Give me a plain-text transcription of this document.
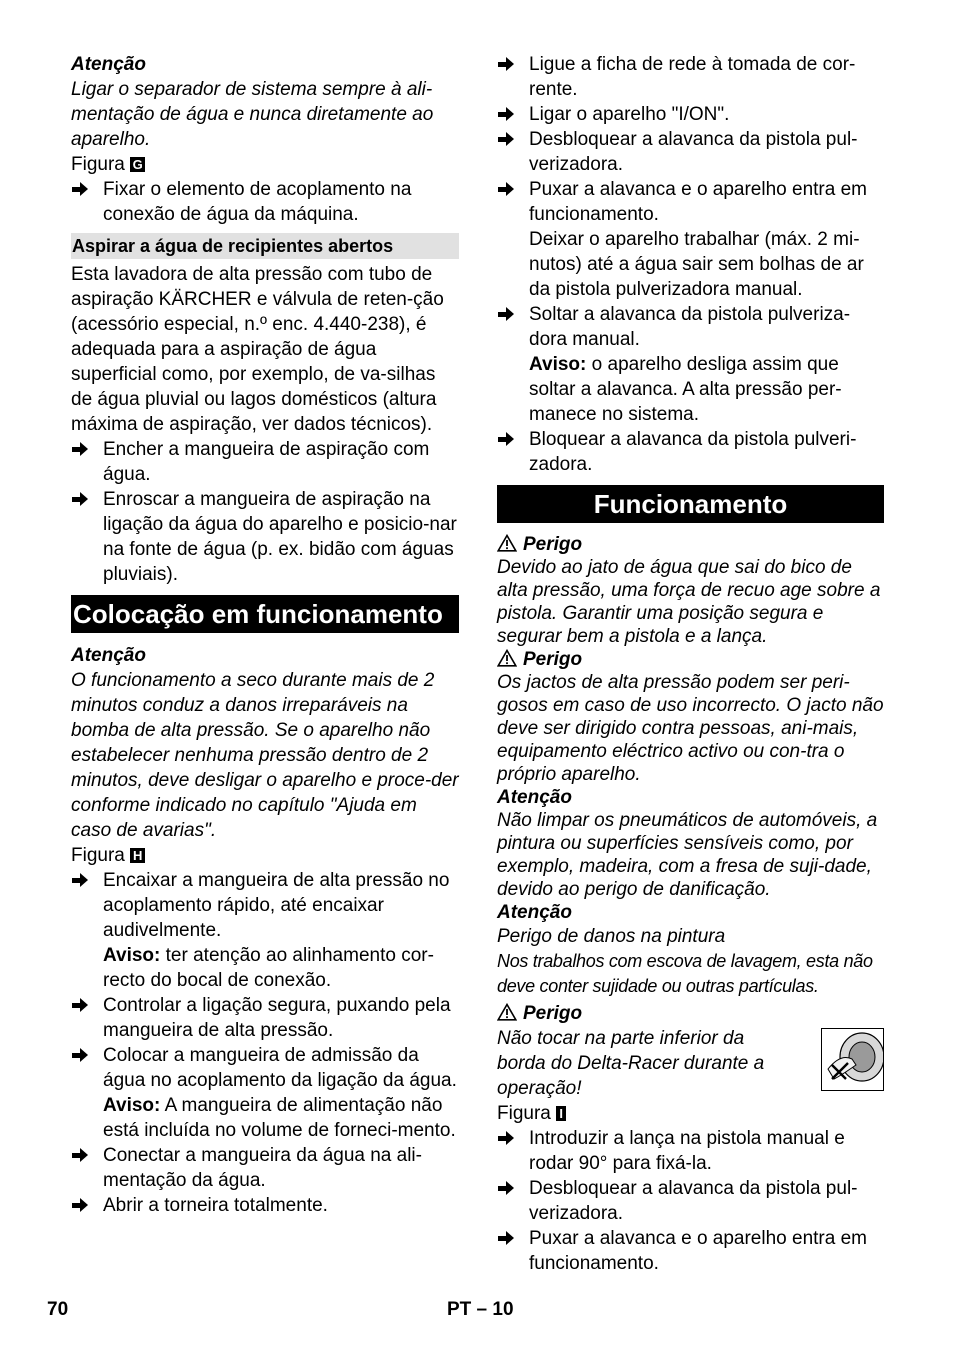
Atenção
Ligar o separador de sistema sempre à ali-mentação de água e nunca diretamente ao aparelho.
Figura G
Fixar o elemento de acoplamento na conexão de água da máquina.
Aspirar a água de recipientes abertos
Esta lavadora de alta pressão com tubo de aspiração KÄRCHER e válvula de reten-ção (acessório especial, n.º enc. 4.440-238), é adequada para a aspiração de água superficial como, por exemplo, de va-silhas de água pluvial ou lagos domésticos (altura máxima de aspiração, ver dados técnicos).
Encher a mangueira de aspiração com água.
Enroscar a mangueira de aspiração na ligação da água do aparelho e posicio-nar na fonte de água (p. ex. bidão com águas pluviais).
Colocação em funcionamento
Atenção
O funcionamento a seco durante mais de 2 minutos conduz a danos irreparáveis na bomba de alta pressão. Se o aparelho não estabelecer nenhuma pressão dentro de 2 minutos, deve desligar o aparelho e proce-der conforme indicado no capítulo "Ajuda em caso de avarias".
Figura H
Encaixar a mangueira de alta pressão no acoplamento rápido, até encaixar audivelmente.
Aviso: ter atenção ao alinhamento cor-recto do bocal de conexão.
Controlar a ligação segura, puxando pela mangueira de alta pressão.
Colocar a mangueira de admissão da água no acoplamento da ligação da água.
Aviso: A mangueira de alimentação não está incluída no volume de forneci-mento.
Conectar a mangueira da água na ali-mentação da água.
Abrir a torneira totalmente.
Ligue a ficha de rede à tomada de cor-rente.
Ligar o aparelho "I/ON".
Desbloquear a alavanca da pistola pul-verizadora.
Puxar a alavanca e o aparelho entra em funcionamento.
Deixar o aparelho trabalhar (máx. 2 mi-nutos) até a água sair sem bolhas de ar da pistola pulverizadora manual.
Soltar a alavanca da pistola pulveriza-dora manual.
Aviso: o aparelho desliga assim que soltar a alavanca. A alta pressão per-manece no sistema.
Bloquear a alavanca da pistola pulveri-zadora.
Funcionamento
Perigo
Devido ao jato de água que sai do bico de alta pressão, uma força de recuo age sobre a pistola. Garantir uma posição segura e segurar bem a pistola e a lança.
Perigo
Os jactos de alta pressão podem ser peri-gosos em caso de uso incorrecto. O jacto não deve ser dirigido contra pessoas, ani-mais, equipamento eléctrico activo ou con-tra o próprio aparelho.
Atenção
Não limpar os pneumáticos de automóveis, a pintura ou superfícies sensíveis como, por exemplo, madeira, com a fresa de suji-dade, devido ao perigo de danificação.
Atenção
Perigo de danos na pintura
Nos trabalhos com escova de lavagem, esta não deve conter sujidade ou outras partículas.
Perigo
Não tocar na parte inferior da borda do Delta-Racer durante a operação!
Figura I
Introduzir a lança na pistola manual e rodar 90° para fixá-la.
Desbloquear a alavanca da pistola pul-verizadora.
Puxar a alavanca e o aparelho entra em funcionamento.
70	PT – 10
